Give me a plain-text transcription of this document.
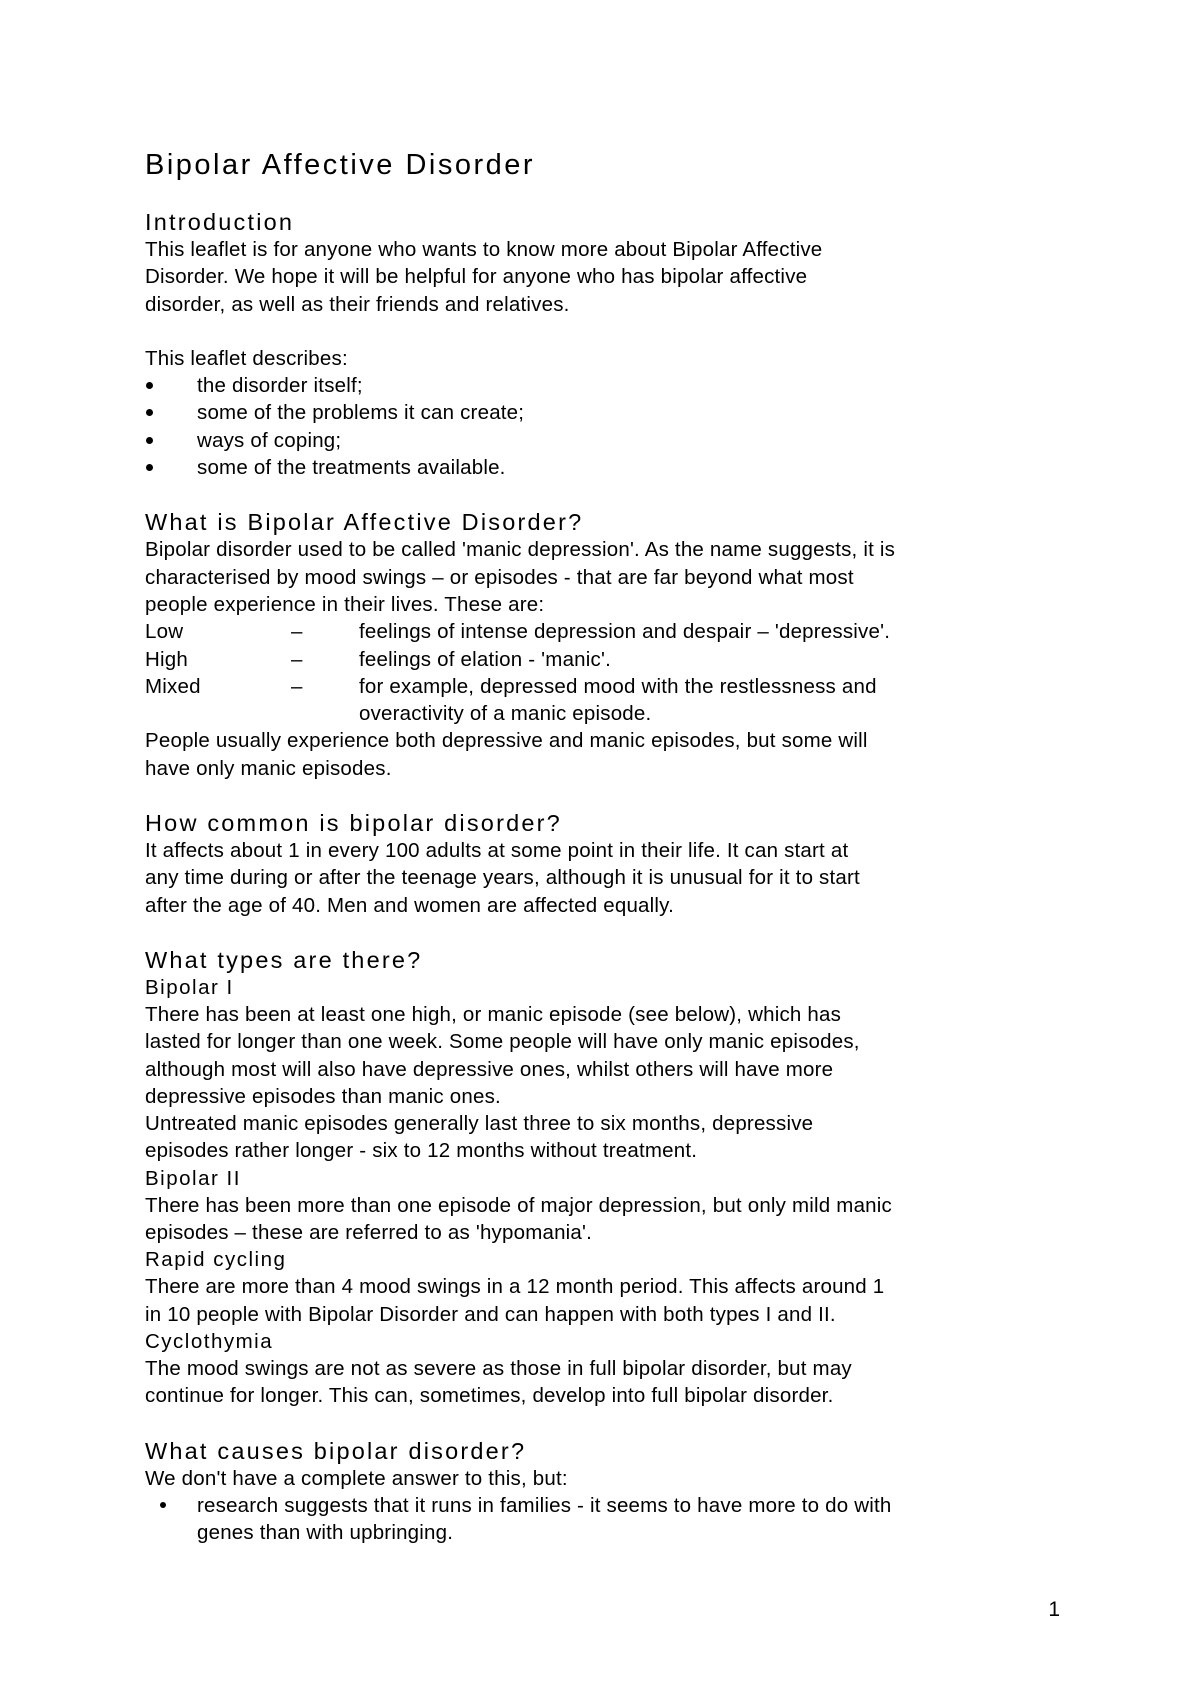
Bipolar Affective Disorder
Introduction

This leaflet is for anyone who wants to know more about Bipolar Affective

Disorder. We hope it will be helpful for anyone who has bipolar affective

disorder, as well as their friends and relatives.

This leaflet describes:

the disorder itself;
some of the problems it can create;
ways of coping;
some of the treatments available.
What is Bipolar Affective Disorder?

Bipolar disorder used to be called 'manic depression'. As the name suggests, it is

characterised by mood swings – or episodes - that are far beyond what most

people experience in their lives. These are:

Low	–	feelings of intense depression and despair – 'depressive'.
High	–	feelings of elation - 'manic'.
Mixed	–	for example, depressed mood with the restlessness and

overactivity of a manic episode.

People usually experience both depressive and manic episodes, but some will

have only manic episodes.

How common is bipolar disorder?

It affects about 1 in every 100 adults at some point in their life. It can start at

any time during or after the teenage years, although it is unusual for it to start

after the age of 40. Men and women are affected equally.

What types are there?
Bipolar I

There has been at least one high, or manic episode (see below), which has

lasted for longer than one week. Some people will have only manic episodes,

although most will also have depressive ones, whilst others will have more

depressive episodes than manic ones.

Untreated manic episodes generally last three to six months, depressive

episodes rather longer - six to 12 months without treatment.

Bipolar II

There has been more than one episode of major depression, but only mild manic

episodes – these are referred to as 'hypomania'.

Rapid cycling

There are more than 4 mood swings in a 12 month period. This affects around 1

in 10 people with Bipolar Disorder and can happen with both types I and II.

Cyclothymia

The mood swings are not as severe as those in full bipolar disorder, but may

continue for longer. This can, sometimes, develop into full bipolar disorder.

What causes bipolar disorder?

We don't have a complete answer to this, but:

research suggests that it runs in families - it seems to have more to do with
genes than with upbringing.
1
